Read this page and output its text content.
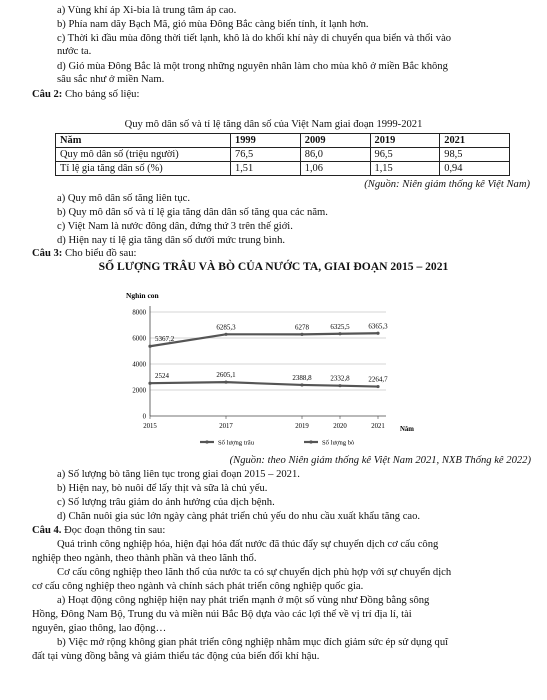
a) Vùng khí áp Xi-bia là trung tâm áp cao.
b) Phía nam dãy Bạch Mã, gió mùa Đông Bắc càng biến tính, ít lạnh hơn.
c) Thời kì đầu mùa đông thời tiết lạnh, khô là do khối khí này di chuyển qua biển và thổi vào
nước ta.
d) Gió mùa Đông Bắc là một trong những nguyên nhân làm cho mùa khô ở miền Bắc không
sâu sắc như ở miền Nam.
Câu 2: Cho bảng số liệu:
Quy mô dân số và tỉ lệ tăng dân số của Việt Nam giai đoạn 1999-2021
Năm	1999	2009	2019	2021
Quy mô dân số (triệu người)	76,5	86,0	96,5	98,5
Tỉ lệ gia tăng dân số (%)	1,51	1,06	1,15	0,94
(Nguồn: Niên giám thống kê Việt Nam)
a) Quy mô dân số tăng liên tục.
b) Quy mô dân số và tỉ lệ gia tăng dân dân số tăng qua các năm.
c) Việt Nam là nước đông dân, đứng thứ 3 trên thế giới.
d) Hiện nay tỉ lệ gia tăng dân số dưới mức trung bình.
Câu 3: Cho biểu đồ sau:
SỐ LƯỢNG TRÂU VÀ BÒ CỦA NƯỚC TA, GIAI ĐOẠN 2015 – 2021
Nghìn con
0
2000
4000
6000
8000
2015	2017	2019	2020	2021 Năm
2524	2605,1	2388,8	2332,8	2264,7
5367,2
6285,3	6278	6325,5	6365,3
Số lượng trâu	Số lượng bò
(Nguồn: theo Niên giám thống kê Việt Nam 2021, NXB Thống kê 2022)
a) Số lượng bò tăng liên tục trong giai đoạn 2015 – 2021.
b) Hiện nay, bò nuôi để lấy thịt và sữa là chủ yếu.
c) Số lượng trâu giảm do ảnh hưởng của dịch bệnh.
d) Chăn nuôi gia súc lớn ngày càng phát triển chủ yếu do nhu cầu xuất khẩu tăng cao.
Câu 4. Đọc đoạn thông tin sau:
Quá trình công nghiệp hóa, hiện đại hóa đất nước đã thúc đẩy sự chuyển dịch cơ cấu công
nghiệp theo ngành, theo thành phần và theo lãnh thổ.
Cơ cấu công nghiệp theo lãnh thổ của nước ta có sự chuyển dịch phù hợp với sự chuyển dịch
cơ cấu công nghiệp theo ngành và chính sách phát triển công nghiệp quốc gia.
a) Hoạt động công nghiệp hiện nay phát triển mạnh ở một số vùng như Đồng bằng sông
Hồng, Đông Nam Bộ, Trung du và miền núi Bắc Bộ dựa vào các lợi thế về vị trí địa lí, tài
nguyên, giao thông, lao động…
b) Việc mở rộng không gian phát triển công nghiệp nhằm mục đích giảm sức ép sử dụng quĩ
đất tại vùng đồng bằng và giảm thiểu tác động của biến đổi khí hậu.
